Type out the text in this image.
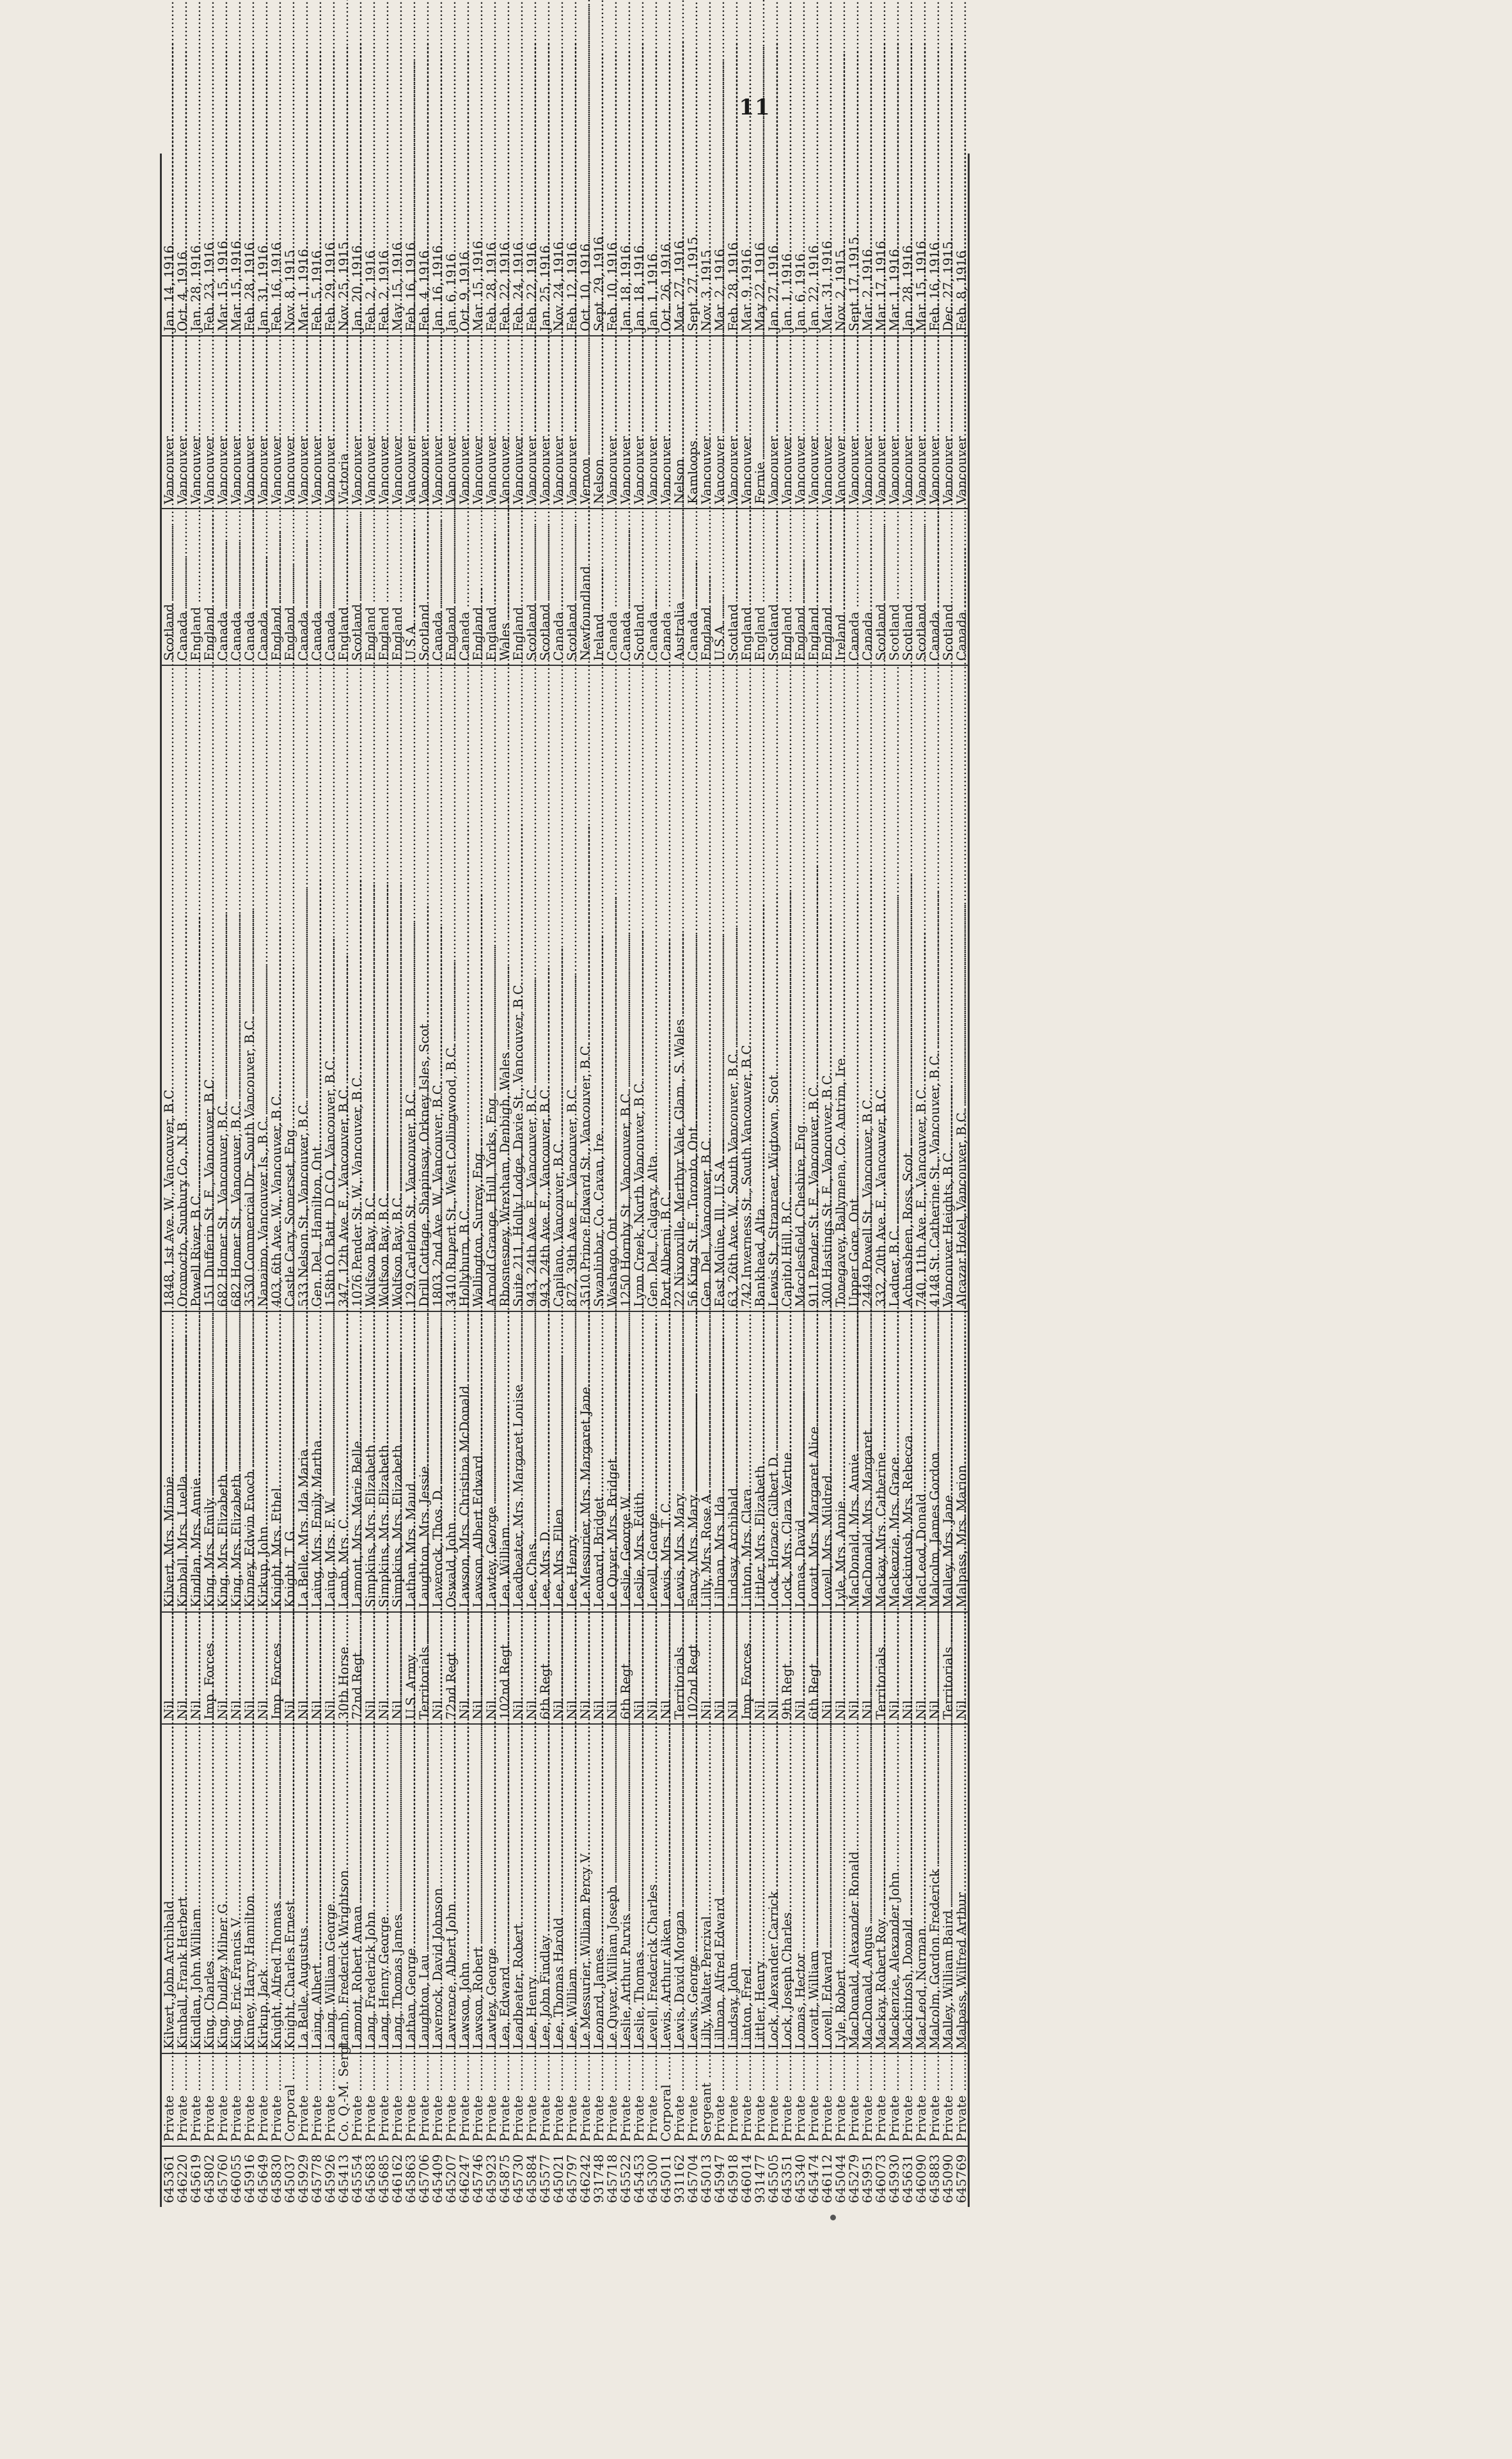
11
645361	Private .....	Kilvert, John Archibald .....	Nil .....	Kilvert, Mrs. Minnie .....	1848, 1st Ave. W., Vancouver, B.C. .....	Scotland .....	Vancouver .....	Jan. 14, 1916
646220	Private .....	Kimball, Frank Herbert .....	Nil .....	Kimball, Mrs. Luella .....	Oromocto, Sunbury Co., N.B. .....	Canada .....	Vancouver .....	Oct. 4, 1916
645619	Private .....	Kindlan, John William .....	Nil .....	Kindlan, Mrs. Annie .....	Powell River, B.C. .....	England .....	Vancouver .....	Jan. 28, 1916
645802	Private .....	King, Charles .....	Imp. Forces .....	King, Mrs. Emily .....	151 Dufferin St. E., Vancouver, B.C. .....	England .....	Vancouver .....	Feb. 23, 1916
645760	Private .....	King, Dudley Milner G. .....	Nil .....	King, Mrs. Elizabeth .....	682 Homer St., Vancouver, B.C. .....	Canada .....	Vancouver .....	Mar. 15, 1916
646055	Private .....	King, Eric Francis V. .....	Nil .....	King, Mrs. Elizabeth .....	682 Homer St., Vancouver, B.C. .....	Canada .....	Vancouver .....	Mar. 15, 1916
645916	Private .....	Kinney, Harry Hamilton .....	Nil .....	Kinney, Edwin Enoch .....	3530 Commercial Dr., South Vancouver, B.C. .....	Canada .....	Vancouver .....	Feb. 28, 1916
645649	Private .....	Kirkup, Jack .....	Nil .....	Kirkup, John .....	Nanaimo, Vancouver Is., B.C. .....	Canada .....	Vancouver .....	Jan. 31, 1916
645830	Private .....	Knight, Alfred Thomas .....	Imp. Forces .....	Knight, Mrs. Ethel .....	403, 6th Ave. W., Vancouver, B.C. .....	England .....	Vancouver .....	Feb. 16, 1916
645037	Corporal .....	Knight, Charles Ernest .....	Nil .....	Knight, T. G. .....	Castle Cary, Somerset, Eng. .....	England .....	Vancouver .....	Nov. 8, 1915
645929	Private .....	La Belle, Augustus .....	Nil .....	La Belle, Mrs. Ida Maria .....	533 Nelson St., Vancouver, B.C. .....	Canada .....	Vancouver .....	Mar. 1, 1916
645778	Private .....	Laing, Albert .....	Nil .....	Laing, Mrs. Emily Martha .....	Gen. Del., Hamilton, Ont. .....	Canada .....	Vancouver .....	Feb. 5, 1916
645926	Private .....	Laing, William George .....	Nil .....	Laing, Mrs. F. W. .....	158th O. Batt., D.C.O., Vancouver, B.C. .....	Canada .....	Vancouver .....	Feb. 29, 1916
645413	Co. Q.-M. Sergt. .....	Lamb, Frederick Wrightson .....	30th Horse .....	Lamb, Mrs. C. .....	347, 12th Ave. E., Vancouver, B.C. .....	England .....	Victoria .....	Nov. 25, 1915
645554	Private .....	Lamont, Robert Aman .....	72nd Regt. .....	Lamont, Mrs. Marie Belle .....	1076 Pender St. W., Vancouver, B.C. .....	Scotland .....	Vancouver .....	Jan. 20, 1916
645683	Private .....	Lang, Frederick John .....	Nil .....	Simpkins, Mrs. Elizabeth .....	Wolfson Bay, B.C. .....	England .....	Vancouver .....	Feb. 2, 1916
645685	Private .....	Lang, Henry George .....	Nil .....	Simpkins, Mrs. Elizabeth .....	Wolfson Bay, B.C. .....	England .....	Vancouver .....	Feb. 2, 1916
646162	Private .....	Lang, Thomas James .....	Nil .....	Simpkins, Mrs. Elizabeth .....	Wolfson Bay, B.C. .....	England .....	Vancouver .....	May 15, 1916
645863	Private .....	Lathan, George .....	U.S. Army .....	Lathan, Mrs. Maud .....	129 Carleton St., Vancouver, B.C. .....	U.S.A. .....	Vancouver .....	Feb. 16, 1916
645706	Private .....	Laughton, Lau .....	Territorials .....	Laughton, Mrs. Jessie .....	Drill Cottage, Shapinsay, Orkney Isles, Scot. .....	Scotland .....	Vancouver .....	Feb. 4, 1916
645409	Private .....	Laverock, David Johnson .....	Nil .....	Laverock, Thos. D. .....	1803, 2nd Ave. W., Vancouver, B.C. .....	Canada .....	Vancouver .....	Jan. 16, 1916
645207	Private .....	Lawrence, Albert John .....	72nd Regt. .....	Oswald, John .....	3410 Rupert St., West Collingwood, B.C. .....	England .....	Vancouver .....	Jan. 6, 1916
646247	Private .....	Lawson, John .....	Nil .....	Lawson, Mrs. Christina McDonald .....	Hollyburn, B.C. .....	Canada .....	Vancouver .....	Oct. 9, 1916
645746	Private .....	Lawson, Robert .....	Nil .....	Lawson, Albert Edward .....	Wallington, Surrey, Eng. .....	England .....	Vancouver .....	Mar. 15, 1916
645923	Private .....	Lawtey, George .....	Nil .....	Lawtey, George .....	Arnold Grange, Hull, Yorks, Eng. .....	England .....	Vancouver .....	Feb. 28, 1916
645875	Private .....	Lea, Edward .....	102nd Regt. .....	Lea, William .....	Rhosnesney, Wrexham, Denbigh, Wales .....	Wales .....	Vancouver .....	Feb. 22, 1916
645730	Private .....	Leadbeater, Robert .....	Nil .....	Leadbeater, Mrs. Margaret Louise .....	Suite 211, Holly Lodge, Davie St., Vancouver, B.C. .....	England .....	Vancouver .....	Feb. 24, 1916
645884	Private .....	Lee, Henry .....	Nil .....	Lee, Chas. .....	943, 24th Ave. E., Vancouver, B.C. .....	Scotland .....	Vancouver .....	Feb. 22, 1916
645577	Private .....	Lee, John Findlay .....	6th Regt. .....	Lee, Mrs. D. .....	943, 24th Ave. E., Vancouver, B.C. .....	Scotland .....	Vancouver .....	Jan. 25, 1916
645021	Private .....	Lee, Thomas Harold .....	Nil .....	Lee, Mrs. Ellen .....	Capilano, Vancouver, B.C. .....	Canada .....	Vancouver .....	Nov. 24, 1916
645797	Private .....	Lee, William .....	Nil .....	Lee, Henry .....	872, 39th Ave. E., Vancouver, B.C. .....	Scotland .....	Vancouver .....	Feb. 12, 1916
646242	Private .....	Le Messurier, William Percy V. .....	Nil .....	Le Messurier, Mrs. Margaret Jane .....	3510 Prince Edward St., Vancouver, B.C. .....	Newfoundland .....	Vernon .....	Oct. 10, 1916
931748	Private .....	Leonard, James .....	Nil .....	Leonard, Bridget .....	Swanlinbar, Co. Cavan, Ire. .....	Ireland .....	Nelson .....	Sept. 29, 1916
645718	Private .....	Le Quyer, William Joseph .....	Nil .....	Le Quyer, Mrs. Bridget .....	Washago, Ont. .....	Canada .....	Vancouver .....	Feb. 10, 1916
645522	Private .....	Leslie, Arthur Purvis .....	6th Regt. .....	Leslie, George W. .....	1250 Hornby St., Vancouver, B.C. .....	Canada .....	Vancouver .....	Jan. 18, 1916
645453	Private .....	Leslie, Thomas .....	Nil .....	Leslie, Mrs. Edith .....	Lynn Creek, North Vancouver, B.C. .....	Scotland .....	Vancouver .....	Jan. 18, 1916
645300	Private .....	Levell, Frederick Charles .....	Nil .....	Levell, George .....	Gen. Del., Calgary, Alta. .....	Canada .....	Vancouver .....	Jan. 1, 1916
645011	Corporal .....	Lewis, Arthur Aiken .....	Nil .....	Lewis, Mrs. T. C. .....	Port Alberni, B.C. .....	Canada .....	Vancouver .....	Oct. 26, 1916
931162	Private .....	Lewis, David Morgan .....	Territorials .....	Lewis, Mrs. Mary .....	22 Nixonville, Merthyr Vale, Glam., S. Wales .....	Australia .....	Nelson .....	Mar. 27, 1916
645704	Private .....	Lewis, George .....	102nd Regt. .....	Fancy, Mrs. Mary .....	56 King St. E., Toronto, Ont. .....	Canada .....	Kamloops .....	Sept. 27, 1915
645013	Sergeant .....	Lilly, Walter Percival .....	Nil .....	Lilly, Mrs. Rose A. .....	Gen. Del., Vancouver, B.C. .....	England .....	Vancouver .....	Nov. 3, 1915
645947	Private .....	Lillman, Alfred Edward .....	Nil .....	Lillman, Mrs. Ida .....	East Moline, Ill., U.S.A. .....	U.S.A. .....	Vancouver .....	Mar. 2, 1916
645918	Private .....	Lindsay, John .....	Nil .....	Lindsay, Archibald .....	63, 26th Ave. W., South Vancouver, B.C. .....	Scotland .....	Vancouver .....	Feb. 28, 1916
646014	Private .....	Linton, Fred .....	Imp. Forces .....	Linton, Mrs. Clara .....	742 Inverness St., South Vancouver, B.C. .....	England .....	Vancouver .....	Mar. 9, 1916
931477	Private .....	Littler, Henry .....	Nil .....	Littler, Mrs. Elizabeth .....	Bankhead, Alta. .....	England .....	Fernie .....	May 22, 1916
645505	Private .....	Lock, Alexander Carrick .....	Nil .....	Lock, Horace Gilbert D. .....	Lewis St., Stranraer, Wigtown, Scot. .....	Scotland .....	Vancouver .....	Jan. 27, 1916
645351	Private .....	Lock, Joseph Charles .....	9th Regt. .....	Lock, Mrs. Clara Vertue .....	Capitol Hill, B.C. .....	England .....	Vancouver .....	Jan. 1, 1916
645340	Private .....	Lomas, Hector .....	Nil .....	Lomas, David .....	Macclesfield, Cheshire, Eng. .....	England .....	Vancouver .....	Jan. 6, 1916
645474	Private .....	Lovatt, William .....	6th Regt. .....	Lovatt, Mrs. Margaret Alice .....	911 Pender St. E., Vancouver, B.C. .....	England .....	Vancouver .....	Jan. 22, 1916
646112	Private .....	Lovell, Edward .....	Nil .....	Lovell, Mrs. Mildred .....	300 Hastings St. E., Vancouver, B.C. .....	England .....	Vancouver .....	Mar. 31, 1916
645044	Private .....	Lyle, Robert .....	Nil .....	Lyle, Mrs. Annie .....	Tonegavey, Ballymena, Co. Antrim, Ire. .....	Ireland .....	Vancouver .....	Nov. 2, 1915
645279	Private .....	MacDonald, Alexander Ronald .....	Nil .....	MacDonald, Mrs. Annie .....	Upper Gore, Ont. .....	Canada .....	Vancouver .....	Sept. 17, 1915
645951	Private .....	MacDonald, Angus .....	Nil .....	MacDonald, Mrs. Margaret .....	2449 Powell St., Vancouver, B.C. .....	Canada .....	Vancouver .....	Mar. 2, 1916
646073	Private .....	Mackay, Robert Roy .....	Territorials .....	Mackay, Mrs. Catherine .....	332, 20th Ave. E., Vancouver, B.C. .....	Scotland .....	Vancouver .....	Mar. 17, 1916
645930	Private .....	Mackenzie, Alexander John .....	Nil .....	Mackenzie, Mrs. Grace .....	Ladner, B.C. .....	Scotland .....	Vancouver .....	Mar. 1, 1916
645631	Private .....	Mackintosh, Donald .....	Nil .....	Mackintosh, Mrs. Rebecca .....	Achnasheen, Ross, Scot. .....	Scotland .....	Vancouver .....	Jan. 28, 1916
646090	Private .....	MacLeod, Norman .....	Nil .....	MacLeod, Donald .....	740, 11th Ave. E., Vancouver, B.C. .....	Scotland .....	Vancouver .....	Mar. 15, 1916
645883	Private .....	Malcolm, Gordon Frederick .....	Nil .....	Malcolm, James Gordon .....	4148 St. Catherine St., Vancouver, B.C. .....	Canada .....	Vancouver .....	Feb. 16, 1916
645090	Private .....	Malley, William Baird .....	Territorials .....	Malley, Mrs. Jane .....	Vancouver Heights, B.C. .....	Scotland .....	Vancouver .....	Dec. 27, 1915
645769	Private .....	Malpass, Wilfred Arthur .....	Nil .....	Malpass, Mrs. Marion .....	Alcazar Hotel, Vancouver, B.C. .....	Canada .....	Vancouver .....	Feb. 8, 1916
